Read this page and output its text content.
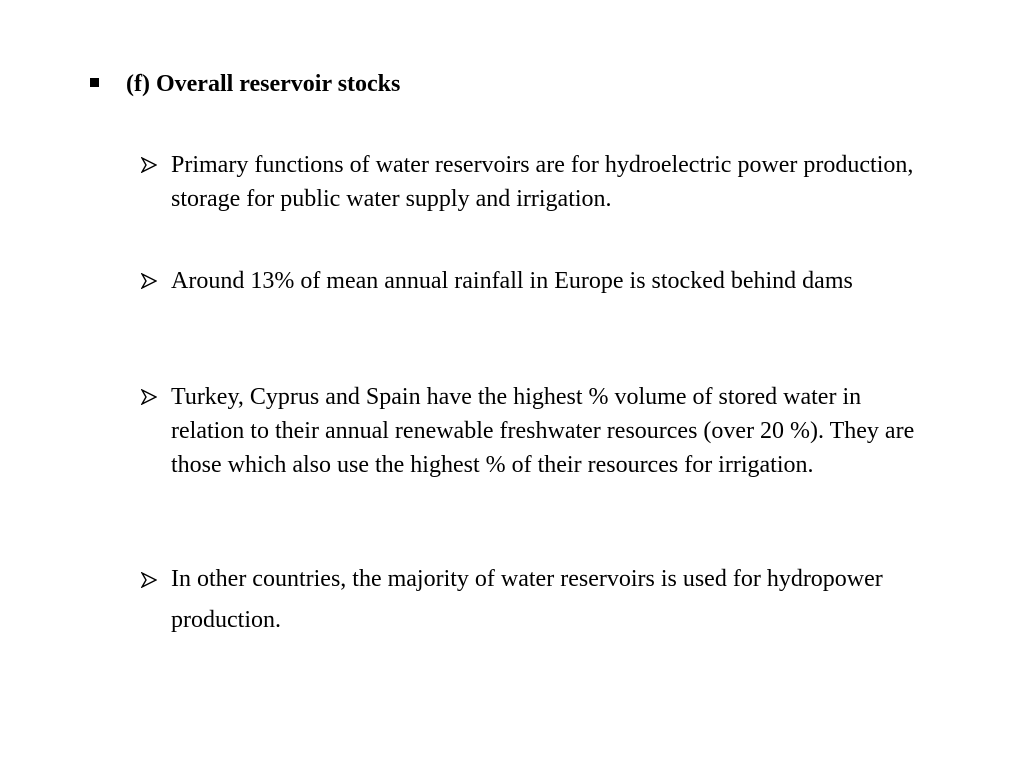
(f) Overall reservoir stocks
Primary functions of water reservoirs are for hydroelectric power production, storage for public water supply and irrigation.
Around 13% of mean annual rainfall in Europe is stocked behind dams
Turkey, Cyprus and Spain have the highest % volume of stored water in relation to their annual renewable freshwater resources (over 20 %). They are those which also use the highest % of their resources for irrigation.
In other countries, the majority of water reservoirs is used for hydropower production.
